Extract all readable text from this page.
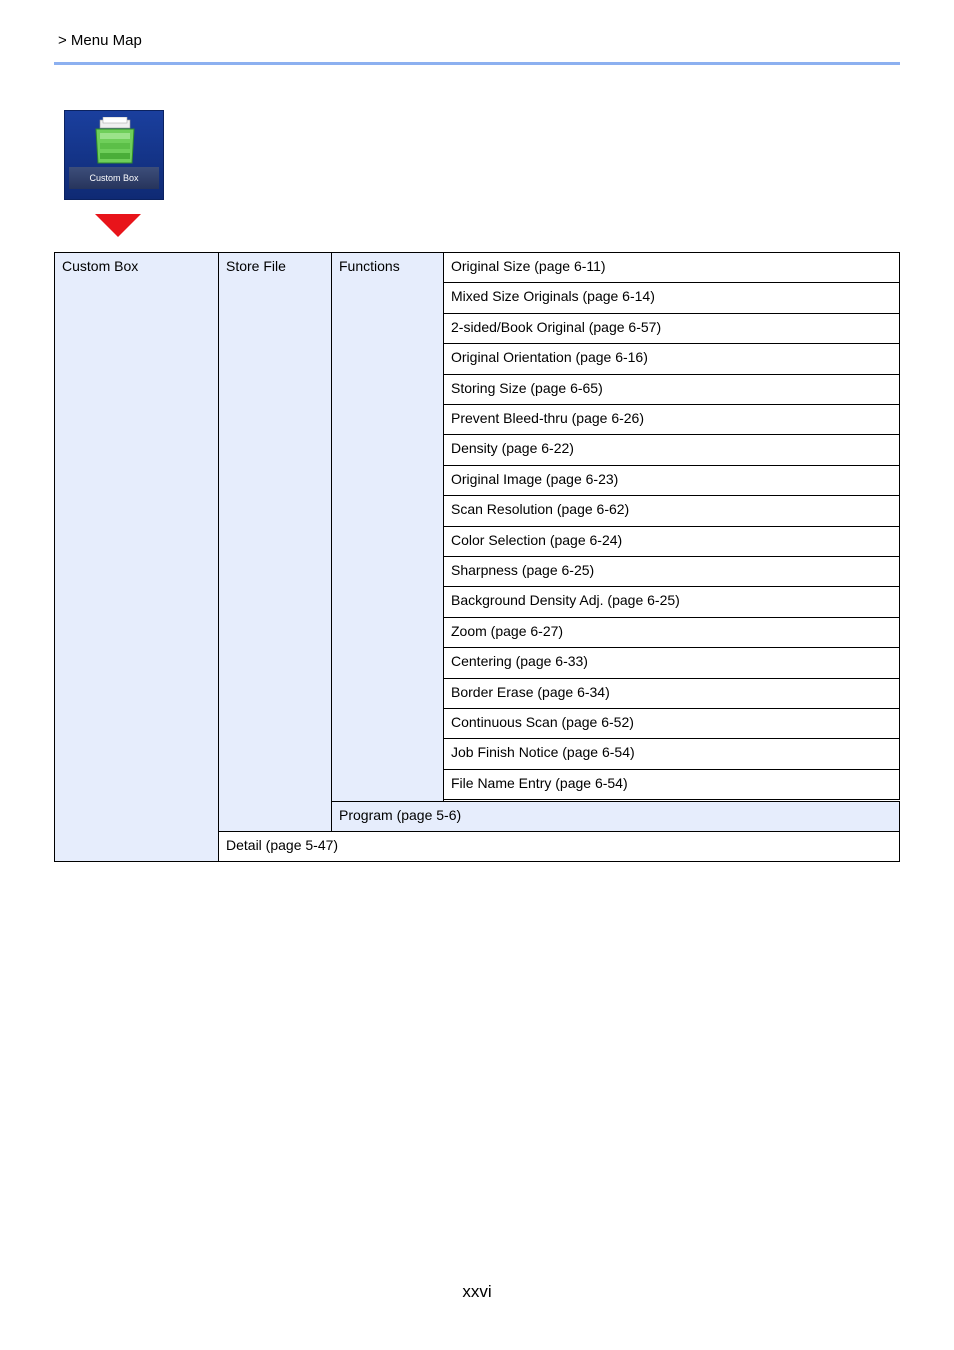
> Menu Map
Custom Box
Custom Box	Store File	Functions	Original Size (page 6-11)
Mixed Size Originals (page 6-14)
2-sided/Book Original (page 6-57)
Original Orientation (page 6-16)
Storing Size (page 6-65)
Prevent Bleed-thru (page 6-26)
Density (page 6-22)
Original Image (page 6-23)
Scan Resolution (page 6-62)
Color Selection (page 6-24)
Sharpness (page 6-25)
Background Density Adj. (page 6-25)
Zoom (page 6-27)
Centering (page 6-33)
Border Erase (page 6-34)
Continuous Scan (page 6-52)
Job Finish Notice (page 6-54)
File Name Entry (page 6-54)
Program (page 5-6)
Detail (page 5-47)
xxvi
